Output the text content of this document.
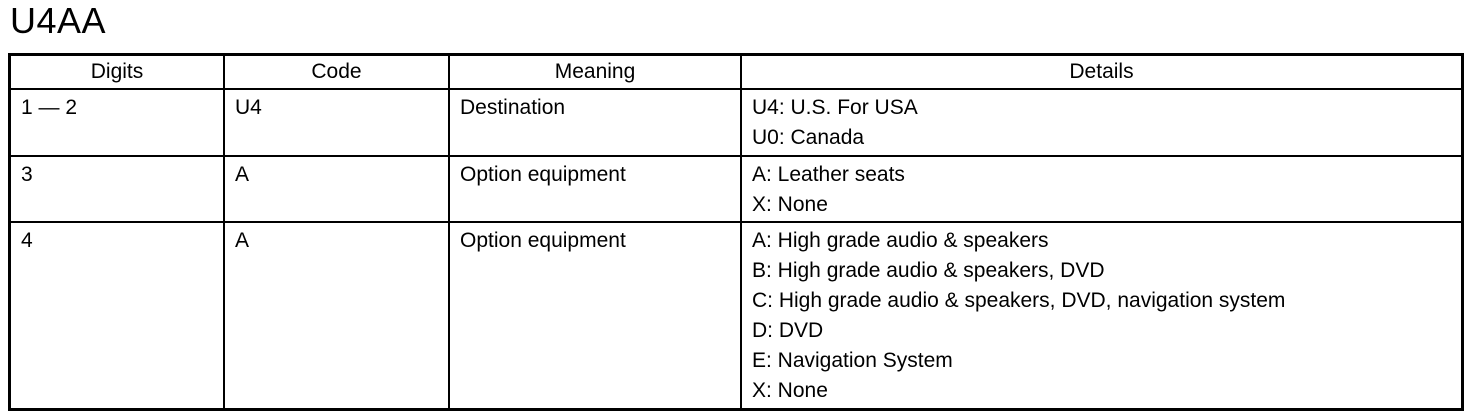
U4AA
Digits	Code	Meaning	Details
1 — 2	U4	Destination	U4: U.S. For USA
U0: Canada

3	A	Option equipment	A: Leather seats
X: None

4	A	Option equipment	A: High grade audio & speakers
B: High grade audio & speakers, DVD
C: High grade audio & speakers, DVD, navigation system
D: DVD
E: Navigation System
X: None
